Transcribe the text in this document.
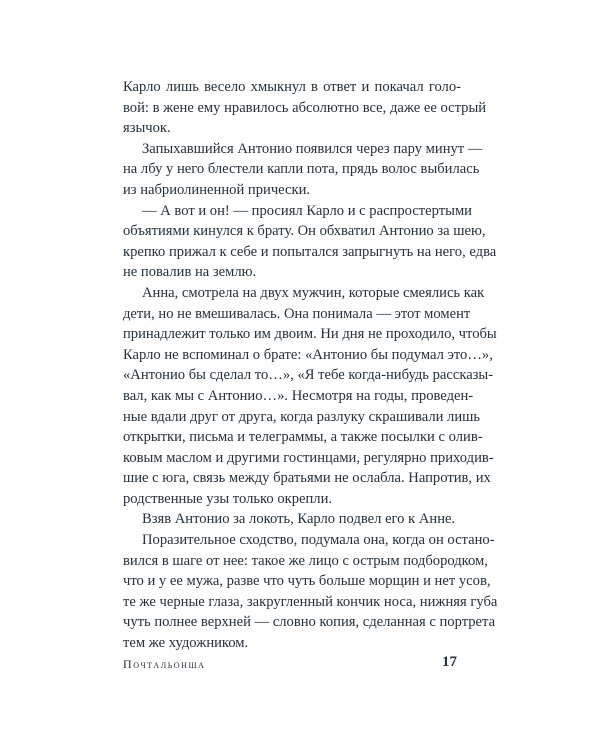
Карло лишь весело хмыкнул в ответ и покачал голо-
вой: в жене ему нравилось абсолютно все, даже ее острый
язычок.

Запыхавшийся Антонио появился через пару минут —
на лбу у него блестели капли пота, прядь волос выбилась
из набриолиненной прически.

— А вот и он! — просиял Карло и с распростертыми
объятиями кинулся к брату. Он обхватил Антонио за шею,
крепко прижал к себе и попытался запрыгнуть на него, едва
не повалив на землю.

Анна, смотрела на двух мужчин, которые смеялись как
дети, но не вмешивалась. Она понимала — этот момент
принадлежит только им двоим. Ни дня не проходило, чтобы
Карло не вспоминал о брате: «Антонио бы подумал это…»,
«Антонио бы сделал то…», «Я тебе когда-нибудь рассказы-
вал, как мы с Антонио…». Несмотря на годы, проведен-
ные вдали друг от друга, когда разлуку скрашивали лишь
открытки, письма и телеграммы, а также посылки с олив-
ковым маслом и другими гостинцами, регулярно приходив-
шие с юга, связь между братьями не ослабла. Напротив, их
родственные узы только окрепли.

Взяв Антонио за локоть, Карло подвел его к Анне.

Поразительное сходство, подумала она, когда он остано-
вился в шаге от нее: такое же лицо с острым подбородком,
что и у ее мужа, разве что чуть больше морщин и нет усов,
те же черные глаза, закругленный кончик носа, нижняя губа
чуть полнее верхней — словно копия, сделанная с портрета
тем же художником.

Почтальонша	17
